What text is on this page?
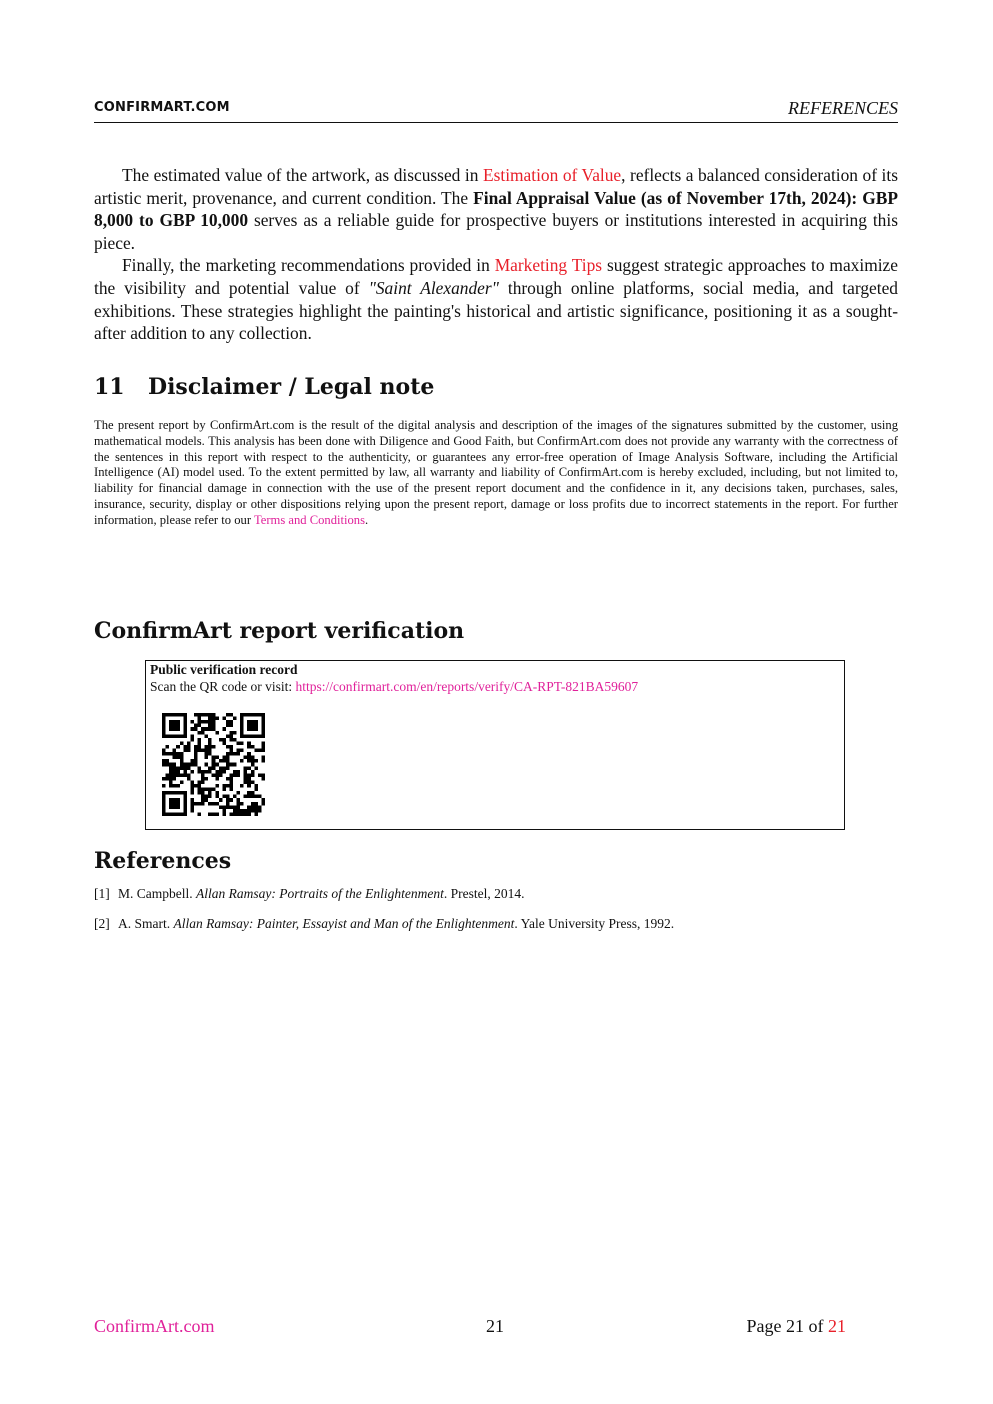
CONFIRMART.COM	REFERENCES

The estimated value of the artwork, as discussed in Estimation of Value, reflects a balanced consideration of its artistic merit, provenance, and current condition. The Final Appraisal Value (as of November 17th, 2024): GBP 8,000 to GBP 10,000 serves as a reliable guide for prospective buyers or institutions interested in acquiring this piece.

Finally, the marketing recommendations provided in Marketing Tips suggest strategic approaches to maximize the visibility and potential value of "Saint Alexander" through online platforms, social media, and targeted exhibitions. These strategies highlight the painting's historical and artistic significance, positioning it as a sought-after addition to any collection.

11 Disclaimer / Legal note
The present report by ConfirmArt.com is the result of the digital analysis and description of the images of the signatures submitted by the customer, using mathematical models. This analysis has been done with Diligence and Good Faith, but ConfirmArt.com does not provide any warranty with the correctness of the sentences in this report with respect to the authenticity, or guarantees any error-free operation of Image Analysis Software, including the Artificial Intelligence (AI) model used. To the extent permitted by law, all warranty and liability of ConfirmArt.com is hereby excluded, including, but not limited to, liability for financial damage in connection with the use of the present report document and the confidence in it, any decisions taken, purchases, sales, insurance, security, display or other dispositions relying upon the present report, damage or loss profits due to incorrect statements in the report. For further information, please refer to our Terms and Conditions.
ConfirmArt report verification
Public verification record
Scan the QR code or visit: https://confirmart.com/en/reports/verify/CA-RPT-821BA59607
References
[1] M. Campbell. Allan Ramsay: Portraits of the Enlightenment. Prestel, 2014.
[2] A. Smart. Allan Ramsay: Painter, Essayist and Man of the Enlightenment. Yale University Press, 1992.
ConfirmArt.com	21	Page 21 of 21
